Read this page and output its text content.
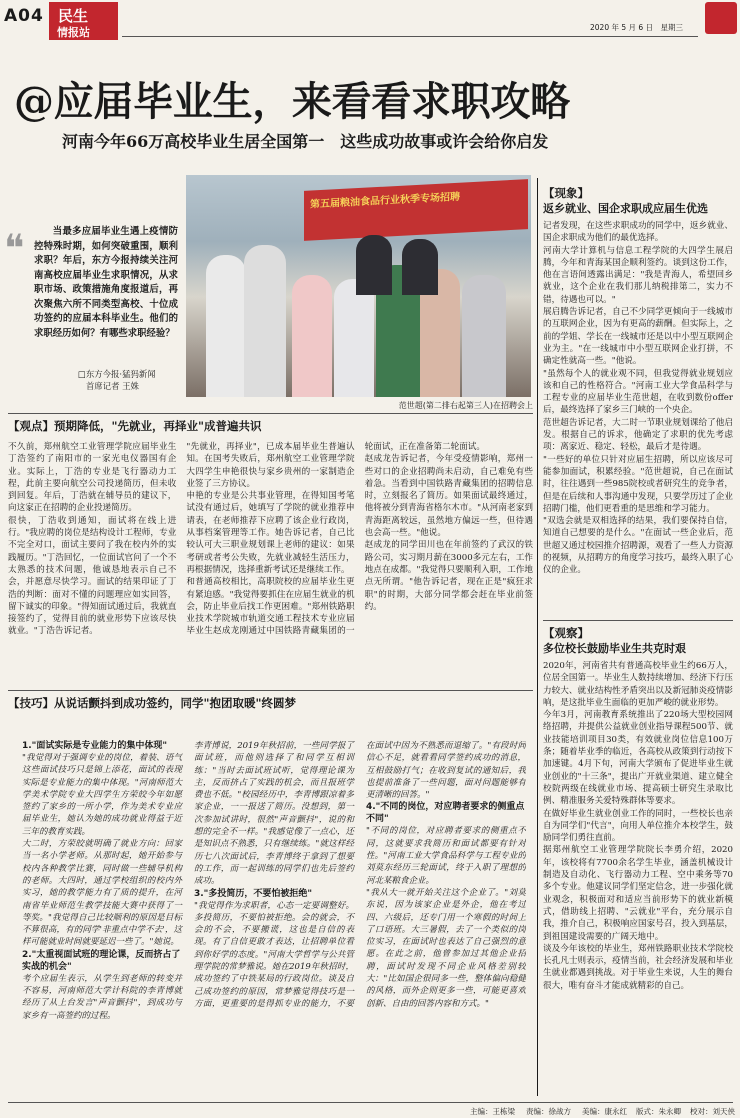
A04 民生
情报站	2020 年 5 月 6 日　星期三
@应届毕业生，来看看求职攻略
河南今年66万高校毕业生居全国第一　这些成功故事或许会给你启发
❝	当最多应届毕业生遇上疫情防控特殊时期，如何突破重围，顺利求职？年后，东方今报持续关注河南高校应届毕业生求职情况，从求职市场、政策措施角度报道后，再次聚焦六所不同类型高校、十位成功签约的应届本科毕业生。他们的求职经历如何？有哪些求职经验？
□东方今报·猛犸新闻
首席记者 王姝
第五届粮油食品行业秋季专场招聘
范世超(第二排右起第三人)在招聘会上
【观点】预期降低，"先就业，再择业"成普遍共识
不久前，郑州航空工业管理学院应届毕业生丁浩签约了南阳市的一家光电仪器国有企业。实际上，丁浩的专业是飞行器动力工程，此前主要向航空公司投递简历，但未收到回复。年后，丁浩就在辅导员的建议下，向这家正在招聘的企业投递简历。
很快，丁浩收到通知，面试将在线上进行。"我应聘的岗位是结构设计工程师，专业不完全对口，面试主要问了我在校内外的实践履历。"丁浩回忆，一位面试官问了一个不太熟悉的技术问题，他诚恳地表示自己不会，并愿意尽快学习。面试的结果印证了丁浩的判断：面对不懂的问题理应如实回答，留下诚实的印象。"得知面试通过后，我就直接签约了，觉得目前的就业形势下应该尽快就业。"丁浩告诉记者。
"先就业，再择业"，已成本届毕业生普遍认知。在国考失败后，郑州航空工业管理学院大四学生申艳很快与家乡贵州的一家制造企业签了三方协议。
申艳的专业是公共事业管理，在得知国考笔试没有通过后，她填写了学院的就业推荐申请表，在老师推荐下应聘了该企业行政岗，从事档案管理等工作。她告诉记者，自己比较认可大三职业规划课上老师的建议：如果考研或者考公失败，先就业减轻生活压力，再根据情况，选择重新考试还是继续工作。
和普通高校相比，高职院校的应届毕业生更有紧迫感。"我觉得要抓住在应届生就业的机会，防止毕业后找工作更困难。"郑州铁路职业技术学院城市轨道交通工程技术专业应届毕业生赵成龙刚通过中国铁路青藏集团的一轮面试，正在准备第二轮面试。
赵成龙告诉记者，今年受疫情影响，郑州一些对口的企业招聘尚未启动，自己难免有些着急。当看到中国铁路青藏集团的招聘信息时，立刻报名了简历。如果面试最终通过，他将被分到青海省格尔木市。"从河南老家到青海距离较远，虽然地方偏远一些，但待遇也会高一些。"他说。
赵成龙的同学田川也在年前签约了武汉的铁路公司，实习期月薪在3000多元左右，工作地点在成都。"我觉得只要顺利入职，工作地点无所谓。"他告诉记者，现在正是"疯狂求职"的时期，大部分同学都会赶在毕业前签约。
【技巧】从说话颤抖到成功签约，同学"抱团取暖"终圆梦
1."面试实际是专业能力的集中体现"
"我觉得对于强调专业的岗位，着装、语气这些面试技巧只是锦上添花，面试的表现实际是专业能力的集中体现。"河南师范大学美术学院专业大四学生方荣皎今年如愿签约了家乡的一所小学，作为美术专业应届毕业生，她认为她的成功就业得益于近三年的教育实践。
大二时，方荣皎就明确了就业方向：回家当一名小学老师。从那时起，她开始参与校内各种教学比赛，同时做一些辅导机构的老师。大四时，通过学校组织的校内外实习，她的教学能力有了质的提升，在河南省毕业师范生教学技能大赛中获得了一等奖。"我觉得自己比较顺利的原因是目标不算很高，有的同学'非重点中学不去'，这样可能就业时间就要延迟一些了。"她说。
2."太重视面试班的理论课，反而挤占了实战的机会"
考个应届生表示，从学生到老师的转变并不容易，河南师范大学计科院的李青博就经历了从上台发言"声音颤抖"，到成功与家乡有一高签约的过程。
李青博说，2019年秋招前，一些同学报了面试班，而他则选择了和同学互相训练："当时去面试班试听，觉得理论课为主，反而挤占了实践的机会，而且报班学费也不低。"校园经历中，李青博跟凉着多家企业，一一报送了简历。没想到，第一次参加试讲时，很然"声音颤抖"，说的和想的完全不一样。"我感觉像了一点心，还是知识点不熟悉，只有继续练。"就这样经历七八次面试后，李青博终于拿到了想要的工作，而一起训练的同学们也先后签约成功。
3."多投简历，不要怕被拒绝"
"我觉得作为求职者，心态一定要调整好。多投简历，不要怕被拒绝。会的就会，不会的不会，不要搬谎，这也是自信的表现。有了自信更敢才表达，让招聘单位看到你好学的态度。"河南大学哲学与公共管理学院的常梦雅说。她在2019年秋招时，成功签约了中铁某局的行政岗位。谈及自己成功签约的原因，常梦雅觉得技巧是一方面，更重要的是得抓专业的能力，不要在面试中因为不熟悉而退缩了。"有段时间信心不足，就看看同学签约成功的消息，互相鼓励打气；在收到复试的通知后，我也提前准备了一些问题，面对问题能够有更清晰的回答。"
4."不同的岗位，对应聘者要求的侧重点不同"
"不同的岗位，对应聘者要求的侧重点不同，这就要求我简历和面试都要有针对性。"河南工业大学食品科学与工程专业的刘莫东经历三轮面试，终于入职了理想的河北某粮食企业。
"我从大一就开始关注这个企业了。"刘莫东说，因为该家企业是外企，他在考过四、六级后，还专门用一个寒假的时间上了口语班。大三暑假，去了一个类似的岗位实习，在面试时也表达了自己强烈的意愿。在此之前，他曾参加过其他企业招聘，面试时发现不同企业风格差别较大："比如国企很同多一些，整体偏向稳健的风格，而外企则更多一些，可能更喜欢创新、自由的回答内容和方式。"
【现象】
返乡就业、国企求职成应届生优选
记者发现，在这些求职成功的同学中，返乡就业、国企求职成为他们的最优选择。
河南大学计算机与信息工程学院的大四学生展启腾，今年和青海某国企顺利签约。谈到这份工作，他在言语间透露出满足："我是青海人，希望回乡就业，这个企业在我们那儿纳税排第二，实力不错，待遇也可以。"
展启腾告诉记者，自己不少同学更倾向于一线城市的互联网企业，因为有更高的薪酬。但实际上，之前的学姐、学长在一线城市还是以中小型互联网企业为主。"在一线城市中小型互联网企业打拼，不确定性就高一些。"他说。
"虽然每个人的就业观不同，但我觉得就业规划应该和自己的性格符合。"河南工业大学食品科学与工程专业的应届毕业生范世超，在收到数份offer后，最终选择了家乡三门峡的一个央企。
范世超告诉记者，大二时一节职业规划课给了他启发。根据自己的诉求，他确定了求职的优先考虑项：离家近、稳定、轻松，最后才是待遇。
"一些好的单位只针对应届生招聘，所以应该尽可能参加面试，积累经验。"范世超说，自己在面试时，往往遇到一些985院校或者研究生的竞争者，但是在后续和人事沟通中发现，只要学历过了企业招聘门槛，他们更看重的是思维和学习能力。
"双选会就是双相选择的结果，我们要保持自信，知道自己想要的是什么。"在面试一些企业后，范世超又通过校园推介招聘源，观看了一些人力资源的视频，从招聘方的角度学习技巧，最终入职了心仪的企业。
【观察】
多位校长鼓励毕业生共克时艰
2020年，河南省共有普通高校毕业生约66万人，位居全国第一。毕业生人数持续增加、经济下行压力较大、就业结构性矛盾突出以及新冠肺炎疫情影响，是这批毕业生面临的更加严峻的就业形势。
今年3月，河南教育系统推出了220场大型校园网络招聘，并提供公益就业创业指导课程500节、就业技能培训项目30类，有效就业岗位信息100万条；随着毕业季的临近，各高校从政策到行动按下加速键。4月下旬，河南大学颁布了促进毕业生就业创业的"十三条"，提出广开就业渠道、建立健全校院两级在线就业市场、提高硕士研究生录取比例、精准服务关爱特殊群体等要求。
在做好毕业生就业创业工作的同时，一些校长也亲自为同学们"代言"，向用人单位推介本校学生，鼓励同学们勇往直前。
据郑州航空工业管理学院院长李勇介绍，2020年，该校将有7700余名学生毕业，涵盖机械设计制造及自动化、飞行器动力工程、空中乘务等70多个专业。他建议同学们坚定信念，进一步强化就业观念，积极面对和适应当前形势下的就业新模式，借助线上招聘、"云就业"平台，充分展示自我，推介自己，积极响应国家号召，投入到基层，到祖国建设需要的广阔天地中。
谈及今年该校的毕业生，郑州铁路职业技术学院校长孔凡士则表示，疫情当前，社会经济发展和毕业生就业都遇到挑战。对于毕业生来说，人生的舞台很大，唯有奋斗才能成就精彩的自己。
主编：王栋梁 责编：徐战方 美编：康永红 版式：朱永卿 校对：刘天侠
